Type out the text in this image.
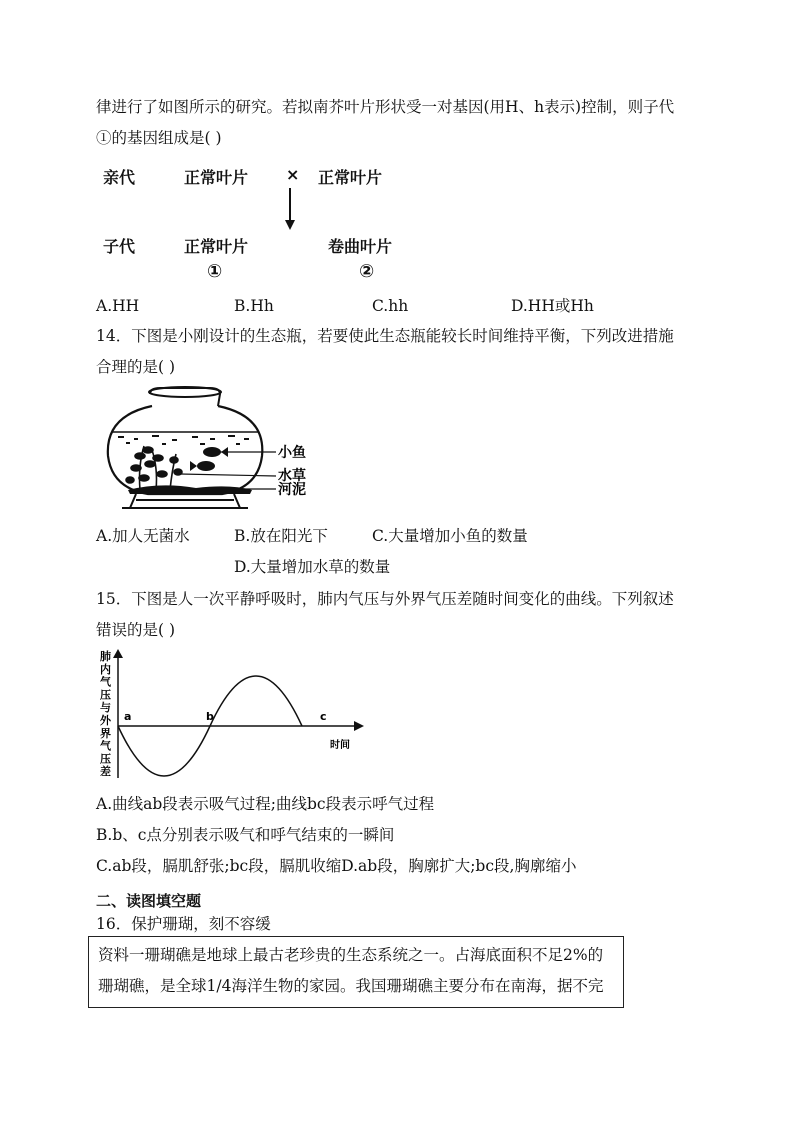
律进行了如图所示的研究。若拟南芥叶片形状受一对基因(用H、h表示)控制，则子代
①的基因组成是( )
亲代	正常叶片 × 正常叶片
子代	正常叶片	卷曲叶片
①	②
A.HH	B.Hh	C.hh	D.HH或Hh
14．下图是小刚设计的生态瓶，若要使此生态瓶能较长时间维持平衡，下列改进措施
合理的是( )
小鱼
水草
河泥
A.加人无菌水	B.放在阳光下	C.大量增加小鱼的数量
D.大量增加水草的数量
15．下图是人一次平静呼吸时，肺内气压与外界气压差随时间变化的曲线。下列叙述
错误的是( )
肺
内
气
压
与
外
界
气
压
差
a	b	c
时间
A.曲线ab段表示吸气过程;曲线bc段表示呼气过程
B.b、c点分别表示吸气和呼气结束的一瞬间
C.ab段，膈肌舒张;bc段，膈肌收缩D.ab段，胸廓扩大;bc段,胸廓缩小
二、读图填空题
16．保护珊瑚，刻不容缓
资料一珊瑚礁是地球上最古老珍贵的生态系统之一。占海底面积不足2%的
珊瑚礁，是全球1/4海洋生物的家园。我国珊瑚礁主要分布在南海，据不完
